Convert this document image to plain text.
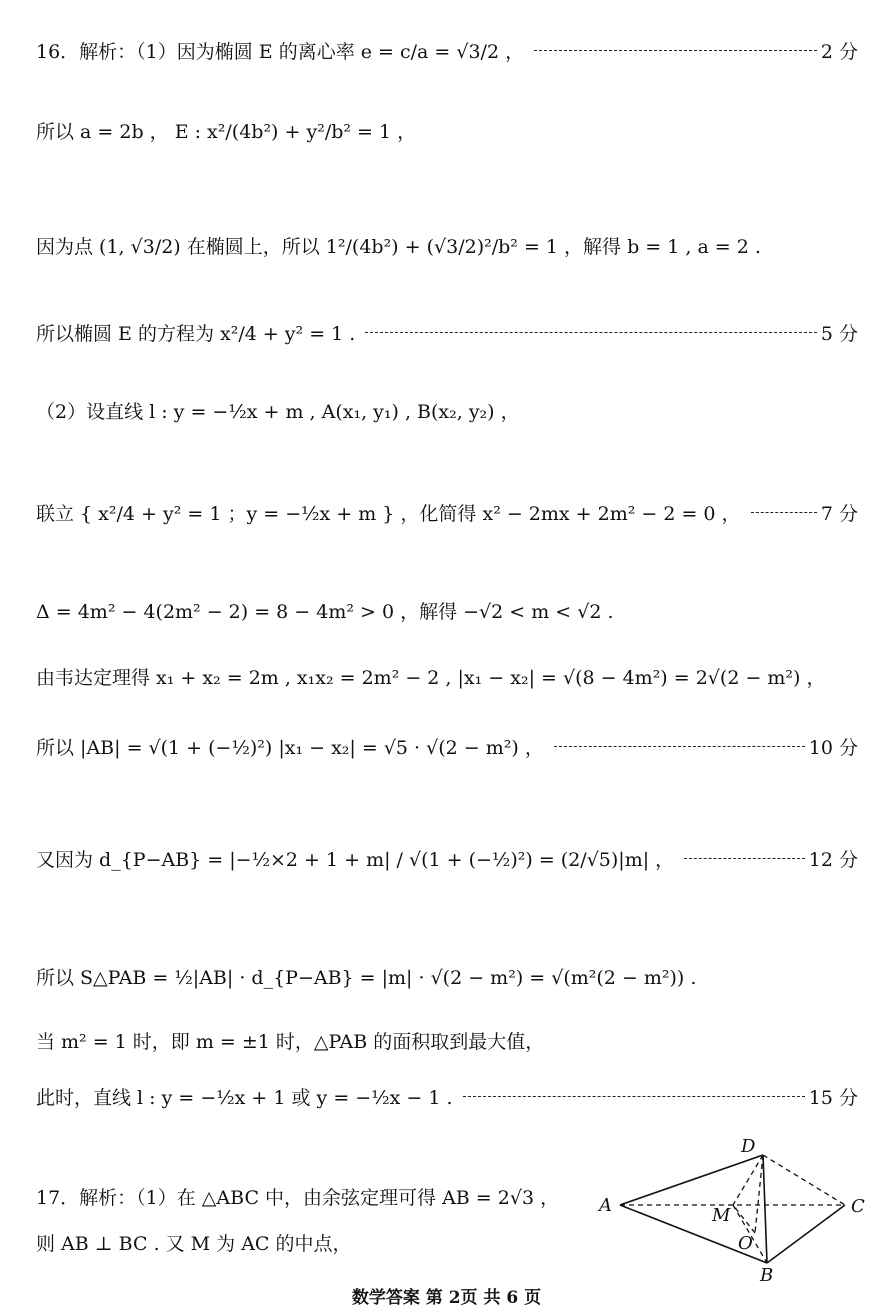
16．解析：（1）因为椭圆 E 的离心率 e = c/a = √3/2 ，	2 分
所以 a = 2b ， E : x²/(4b²) + y²/b² = 1 ，
因为点 (1, √3/2) 在椭圆上，所以 1²/(4b²) + (√3/2)²/b² = 1 ，解得 b = 1 , a = 2 .
所以椭圆 E 的方程为 x²/4 + y² = 1 .	5 分
（2）设直线 l : y = −½x + m , A(x₁, y₁) , B(x₂, y₂) ，
联立 { x²/4 + y² = 1 ；y = −½x + m } ，化简得 x² − 2mx + 2m² − 2 = 0 ，	7 分
Δ = 4m² − 4(2m² − 2) = 8 − 4m² > 0 ，解得 −√2 < m < √2 .
由韦达定理得 x₁ + x₂ = 2m , x₁x₂ = 2m² − 2 , |x₁ − x₂| = √(8 − 4m²) = 2√(2 − m²) ，
所以 |AB| = √(1 + (−½)²) |x₁ − x₂| = √5 · √(2 − m²) ，	10 分
又因为 d_{P−AB} = |−½×2 + 1 + m| / √(1 + (−½)²) = (2/√5)|m| ，	12 分
所以 S△PAB = ½|AB| · d_{P−AB} = |m| · √(2 − m²) = √(m²(2 − m²)) .
当 m² = 1 时，即 m = ±1 时，△PAB 的面积取到最大值，
此时，直线 l : y = −½x + 1 或 y = −½x − 1 .	15 分
17．解析：（1）在 △ABC 中，由余弦定理可得 AB = 2√3 ，
则 AB ⊥ BC . 又 M 为 AC 的中点，
A
B
C
D
M
O
数学答案 第 2页 共 6 页
